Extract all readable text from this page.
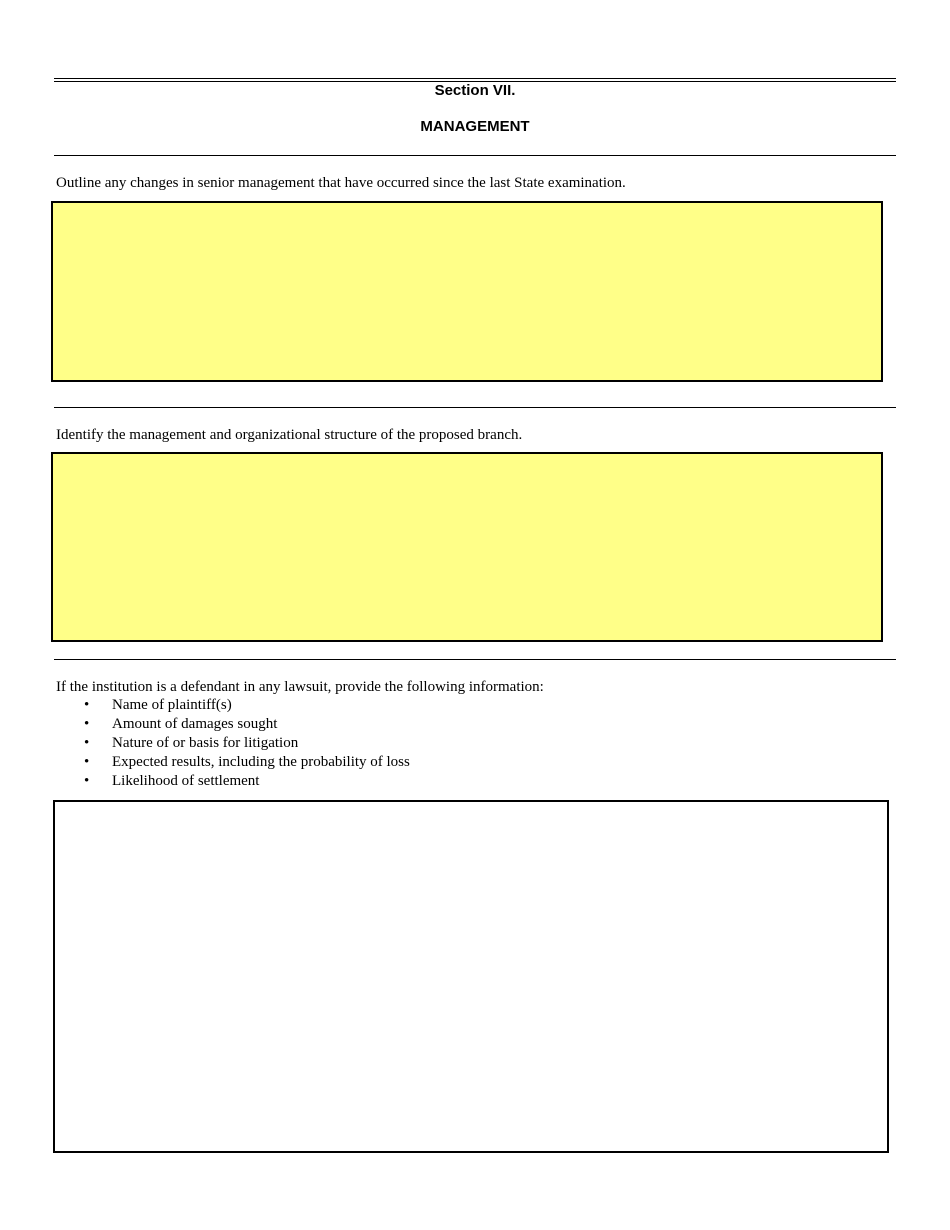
Section VII.
MANAGEMENT
Outline any changes in senior management that have occurred since the last State examination.
Identify the management and organizational structure of the proposed branch.
If the institution is a defendant in any lawsuit, provide the following information:
• Name of plaintiff(s)
• Amount of damages sought
• Nature of or basis for litigation
• Expected results, including the probability of loss
• Likelihood of settlement
